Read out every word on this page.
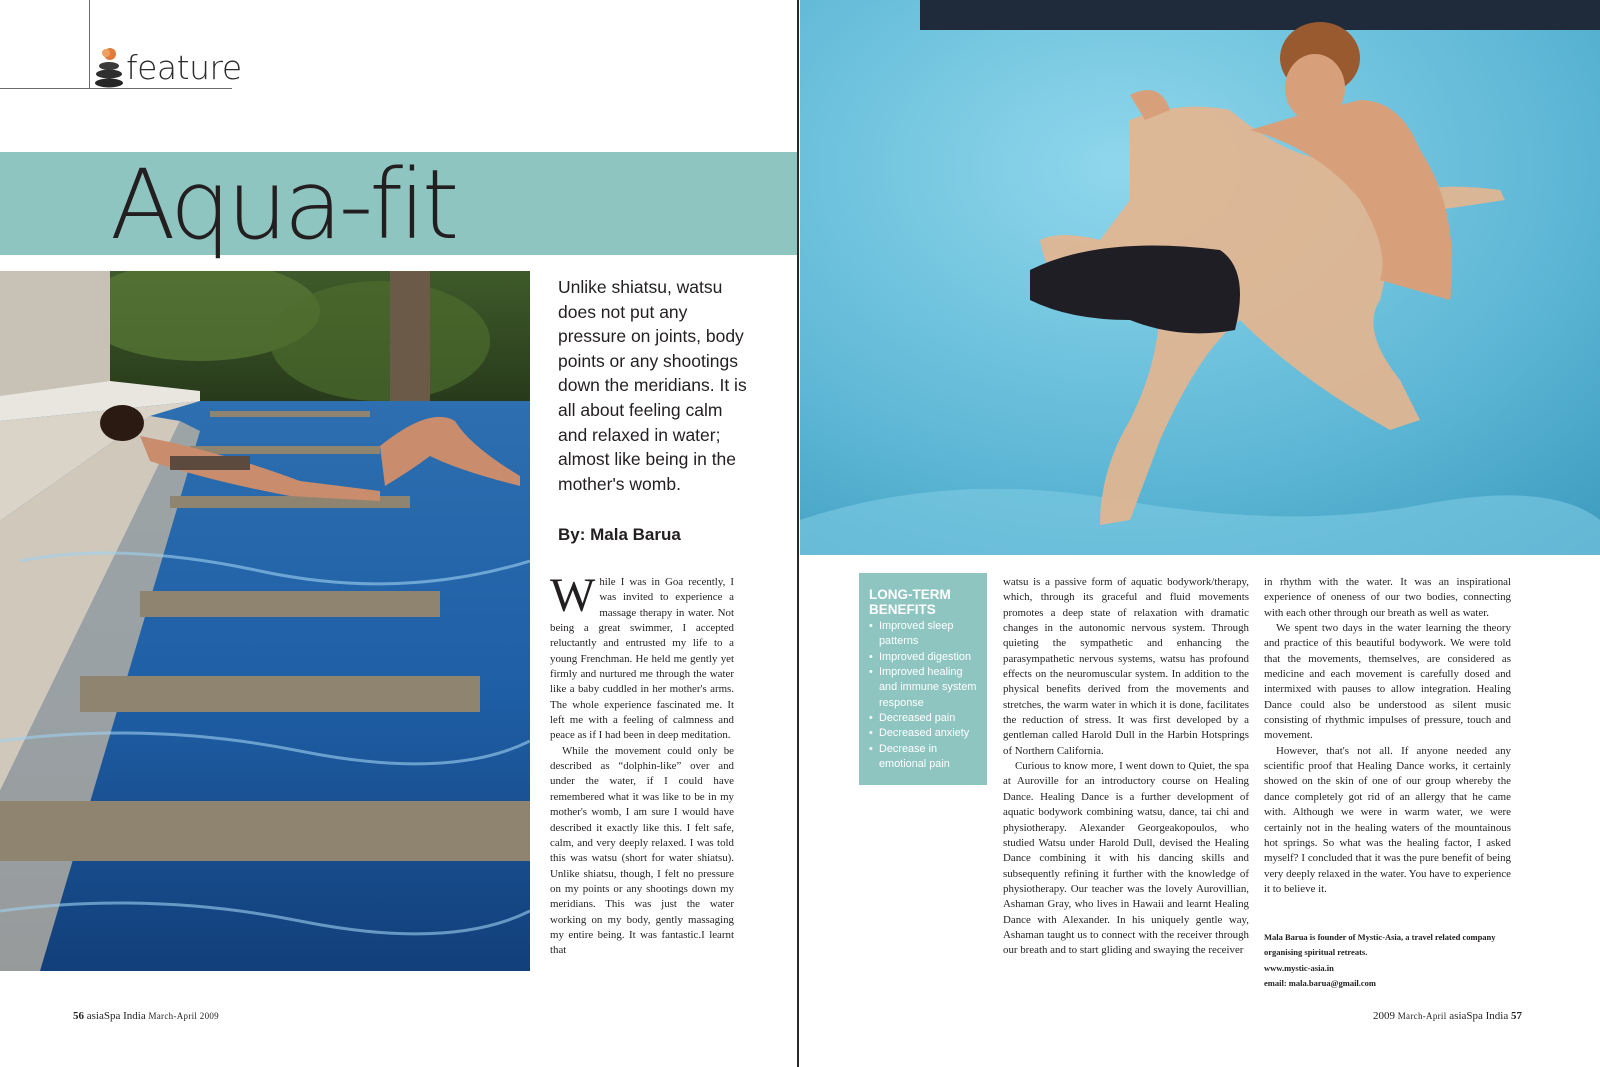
feature
Aqua-fit

Unlike shiatsu, watsu does not put any pressure on joints, body points or any shootings down the meridians. It is all about feeling calm and relaxed in water; almost like being in the mother's womb.

By: Mala Barua
W hile I was in Goa recently, I was invited to experience a massage therapy in water. Not being a great swimmer, I accepted reluctantly and entrusted my life to a young Frenchman. He held me gently yet firmly and nurtured me through the water like a baby cuddled in her mother's arms. The whole experience fascinated me. It left me with a feeling of calmness and peace as if I had been in deep meditation.

While the movement could only be described as “dolphin-like” over and under the water, if I could have remembered what it was like to be in my mother's womb, I am sure I would have described it exactly like this. I felt safe, calm, and very deeply relaxed. I was told this was watsu (short for water shiatsu). Unlike shiatsu, though, I felt no pressure on my points or any shootings down my meridians. This was just the water working on my body, gently massaging my entire being. It was fantastic.I learnt that

LONG-TERM BENEFITS
• Improved sleep patterns
• Improved digestion
• Improved healing and immune system response
• Decreased pain
• Decreased anxiety
• Decrease in emotional pain

watsu is a passive form of aquatic bodywork/therapy, which, through its graceful and fluid movements promotes a deep state of relaxation with dramatic changes in the autonomic nervous system. Through quieting the sympathetic and enhancing the parasympathetic nervous systems, watsu has profound effects on the neuromuscular system. In addition to the physical benefits derived from the movements and stretches, the warm water in which it is done, facilitates the reduction of stress. It was first developed by a gentleman called Harold Dull in the Harbin Hotsprings of Northern California.

Curious to know more, I went down to Quiet, the spa at Auroville for an introductory course on Healing Dance. Healing Dance is a further development of aquatic bodywork combining watsu, dance, tai chi and physiotherapy. Alexander Georgeakopoulos, who studied Watsu under Harold Dull, devised the Healing Dance combining it with his dancing skills and subsequently refining it further with the knowledge of physiotherapy. Our teacher was the lovely Aurovillian, Ashaman Gray, who lives in Hawaii and learnt Healing Dance with Alexander. In his uniquely gentle way, Ashaman taught us to connect with the receiver through our breath and to start gliding and swaying the receiver

in rhythm with the water. It was an inspirational experience of oneness of our two bodies, connecting with each other through our breath as well as water.

We spent two days in the water learning the theory and practice of this beautiful bodywork. We were told that the movements, themselves, are considered as medicine and each movement is carefully dosed and intermixed with pauses to allow integration. Healing Dance could also be understood as silent music consisting of rhythmic impulses of pressure, touch and movement.

However, that's not all. If anyone needed any scientific proof that Healing Dance works, it certainly showed on the skin of one of our group whereby the dance completely got rid of an allergy that he came with. Although we were in warm water, we were certainly not in the healing waters of the mountainous hot springs. So what was the healing factor, I asked myself? I concluded that it was the pure benefit of being very deeply relaxed in the water. You have to experience it to believe it.

Mala Barua is founder of Mystic-Asia, a travel related company organising spiritual retreats.
www.mystic-asia.in
email: mala.barua@gmail.com
56 asiaSpa India March-April 2009	2009 March-April asiaSpa India 57
